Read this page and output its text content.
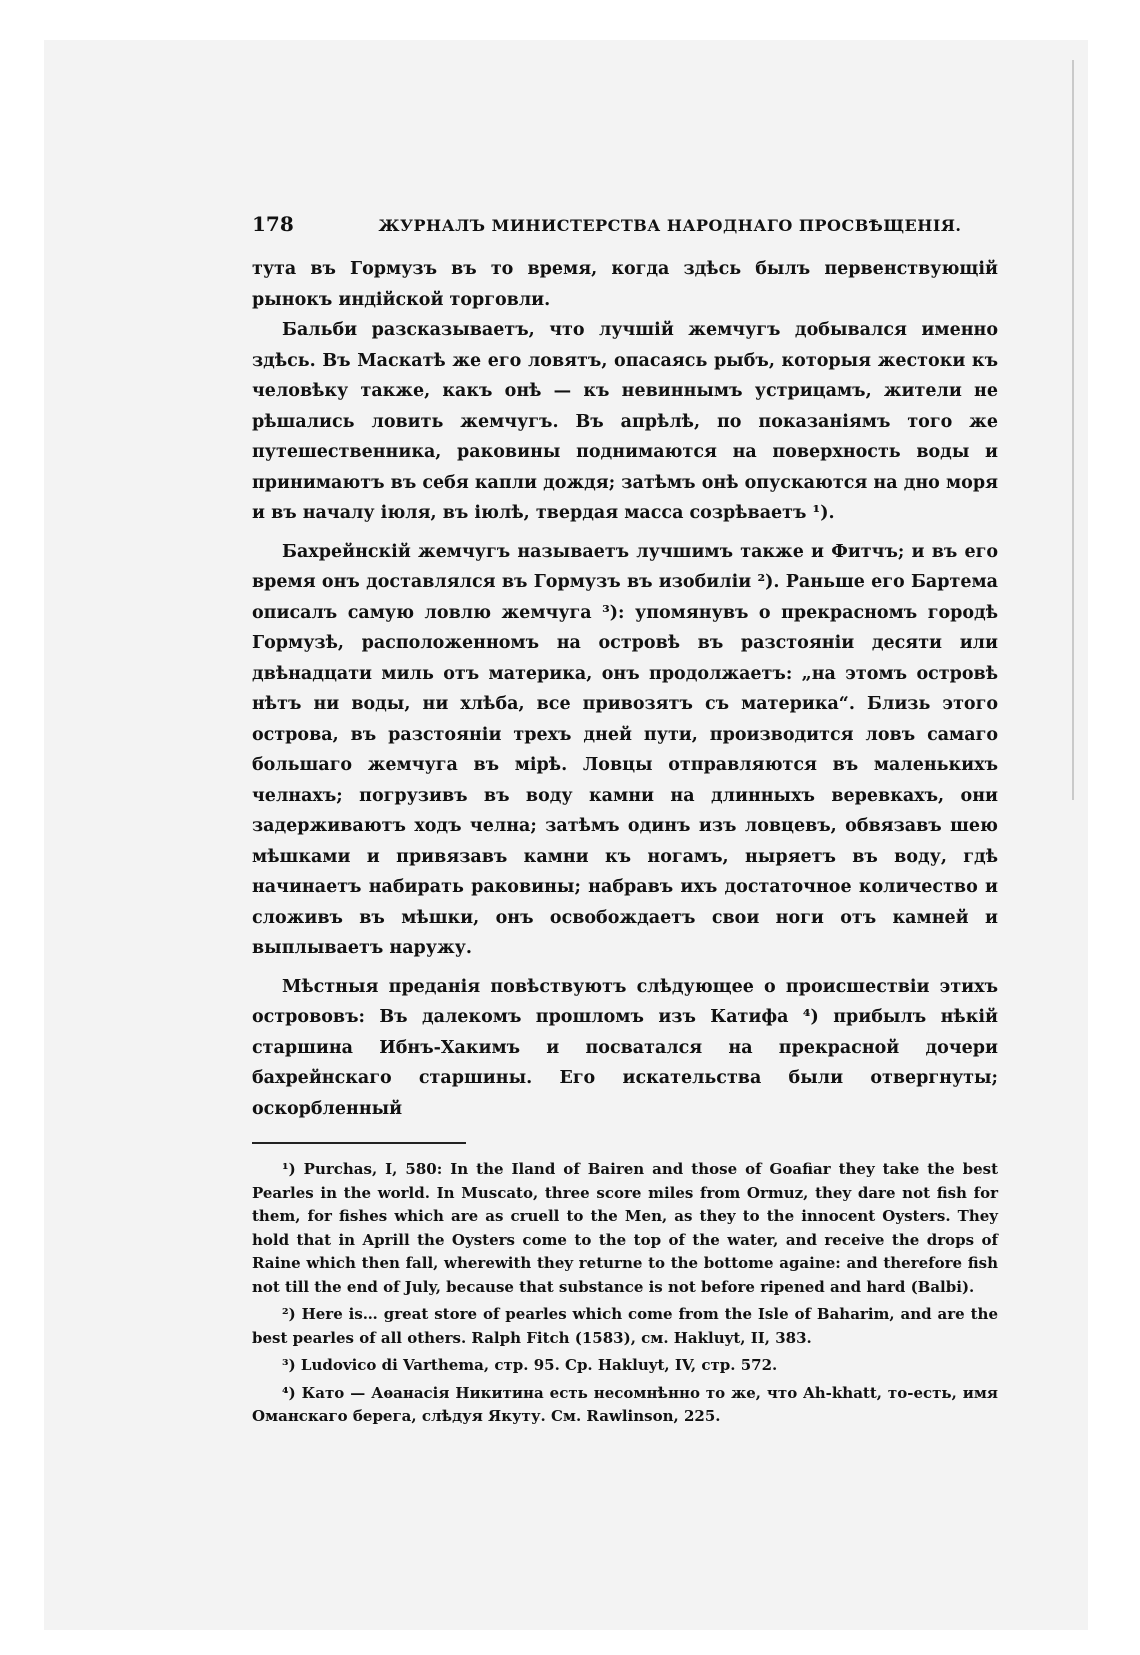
178	ЖУРНАЛЪ МИНИСТЕРСТВА НАРОДНАГО ПРОСВѢЩЕНІЯ.

тута въ Гормузъ въ то время, когда здѣсь былъ первенствующій рынокъ индійской торговли.

Бальби разсказываетъ, что лучшій жемчугъ добывался именно здѣсь. Въ Маскатѣ же его ловятъ, опасаясь рыбъ, которыя жестоки къ человѣку также, какъ онѣ — къ невиннымъ устрицамъ, жители не рѣшались ловить жемчугъ. Въ апрѣлѣ, по показаніямъ того же путешественника, раковины поднимаются на поверхность воды и принимаютъ въ себя капли дождя; затѣмъ онѣ опускаются на дно моря и въ началу іюля, въ іюлѣ, твердая масса созрѣваетъ ¹).

Бахрейнскій жемчугъ называетъ лучшимъ также и Фитчъ; и въ его время онъ доставлялся въ Гормузъ въ изобиліи ²). Раньше его Бартема описалъ самую ловлю жемчуга ³): упомянувъ о прекрасномъ городѣ Гормузѣ, расположенномъ на островѣ въ разстояніи десяти или двѣнадцати миль отъ материка, онъ продолжаетъ: „на этомъ островѣ нѣтъ ни воды, ни хлѣба, все привозятъ съ материка“. Близь этого острова, въ разстояніи трехъ дней пути, производится ловъ самаго большаго жемчуга въ мірѣ. Ловцы отправляются въ маленькихъ челнахъ; погрузивъ въ воду камни на длинныхъ веревкахъ, они задерживаютъ ходъ челна; затѣмъ одинъ изъ ловцевъ, обвязавъ шею мѣшками и привязавъ камни къ ногамъ, ныряетъ въ воду, гдѣ начинаетъ набирать раковины; набравъ ихъ достаточное количество и сложивъ въ мѣшки, онъ освобождаетъ свои ноги отъ камней и выплываетъ наружу.

Мѣстныя преданія повѣствуютъ слѣдующее о происшествіи этихъ острововъ: Въ далекомъ прошломъ изъ Катифа ⁴) прибылъ нѣкій старшина Ибнъ-Хакимъ и посватался на прекрасной дочери бахрейнскаго старшины. Его искательства были отвергнуты; оскорбленный

¹) Purchas, I, 580: In the Iland of Bairen and those of Goafiar they take the best Pearles in the world. In Muscato, three score miles from Ormuz, they dare not fish for them, for fishes which are as cruell to the Men, as they to the innocent Oysters. They hold that in Aprill the Oysters come to the top of the water, and receive the drops of Raine which then fall, wherewith they returne to the bottome againe: and therefore fish not till the end of July, because that substance is not before ripened and hard (Balbi).

²) Here is… great store of pearles which come from the Isle of Baharim, and are the best pearles of all others. Ralph Fitch (1583), см. Hakluyt, II, 383.

³) Ludovico di Varthema, стр. 95. Ср. Hakluyt, IV, стр. 572.

⁴) Като — Аѳанасія Никитина есть несомнѣнно то же, что Ah-khatt, то-есть, имя Оманскаго берега, слѣдуя Якуту. См. Rawlinson, 225.
